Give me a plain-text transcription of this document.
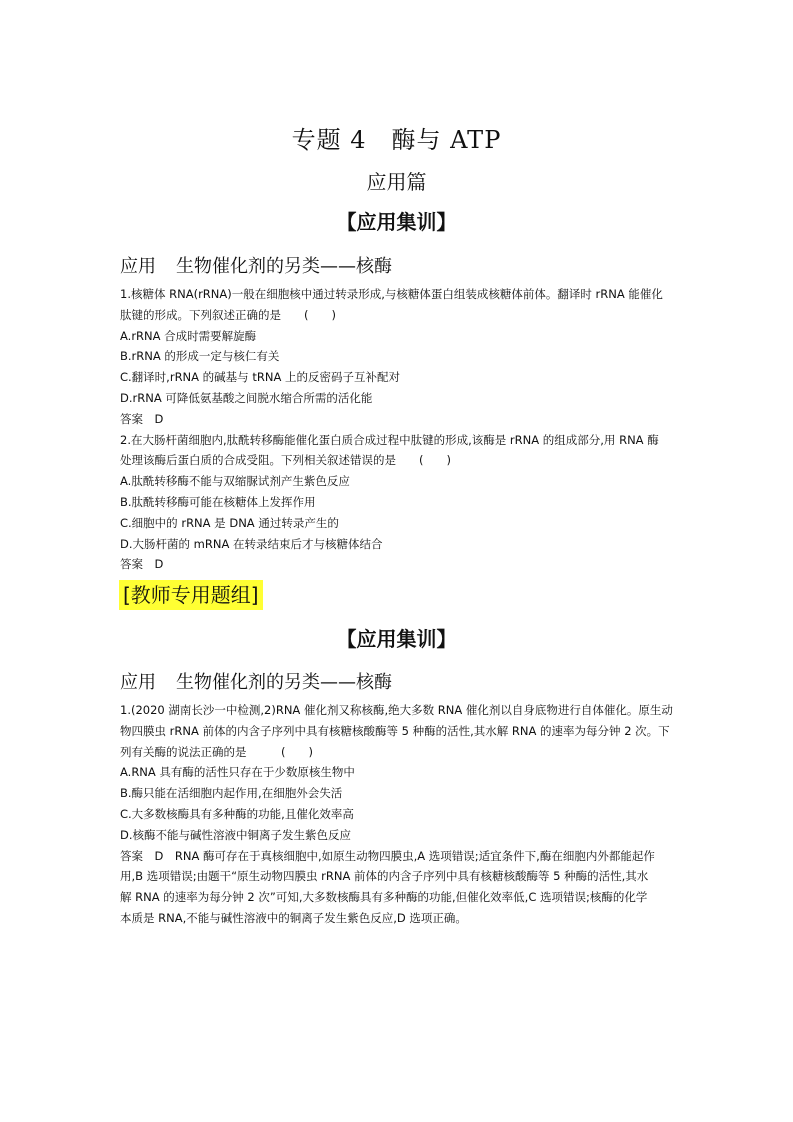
专题 4　酶与 ATP
应用篇
【应用集训】
应用 生物催化剂的另类——核酶

1.核糖体 RNA(rRNA)一般在细胞核中通过转录形成,与核糖体蛋白组装成核糖体前体。翻译时 rRNA 能催化

肽键的形成。下列叙述正确的是　　(　　)

A.rRNA 合成时需要解旋酶

B.rRNA 的形成一定与核仁有关

C.翻译时,rRNA 的碱基与 tRNA 上的反密码子互补配对

D.rRNA 可降低氨基酸之间脱水缩合所需的活化能

答案　D

2.在大肠杆菌细胞内,肽酰转移酶能催化蛋白质合成过程中肽键的形成,该酶是 rRNA 的组成部分,用 RNA 酶

处理该酶后蛋白质的合成受阻。下列相关叙述错误的是　　(　　)

A.肽酰转移酶不能与双缩脲试剂产生紫色反应

B.肽酰转移酶可能在核糖体上发挥作用

C.细胞中的 rRNA 是 DNA 通过转录产生的

D.大肠杆菌的 mRNA 在转录结束后才与核糖体结合

答案　D

[教师专用题组]
【应用集训】
应用 生物催化剂的另类——核酶

1.(2020 湖南长沙一中检测,2)RNA 催化剂又称核酶,绝大多数 RNA 催化剂以自身底物进行自体催化。原生动

物四膜虫 rRNA 前体的内含子序列中具有核糖核酸酶等 5 种酶的活性,其水解 RNA 的速率为每分钟 2 次。下

列有关酶的说法正确的是　　　(　　)

A.RNA 具有酶的活性只存在于少数原核生物中

B.酶只能在活细胞内起作用,在细胞外会失活

C.大多数核酶具有多种酶的功能,且催化效率高

D.核酶不能与碱性溶液中铜离子发生紫色反应

答案　D　RNA 酶可存在于真核细胞中,如原生动物四膜虫,A 选项错误;适宜条件下,酶在细胞内外都能起作

用,B 选项错误;由题干“原生动物四膜虫 rRNA 前体的内含子序列中具有核糖核酸酶等 5 种酶的活性,其水

解 RNA 的速率为每分钟 2 次”可知,大多数核酶具有多种酶的功能,但催化效率低,C 选项错误;核酶的化学

本质是 RNA,不能与碱性溶液中的铜离子发生紫色反应,D 选项正确。
